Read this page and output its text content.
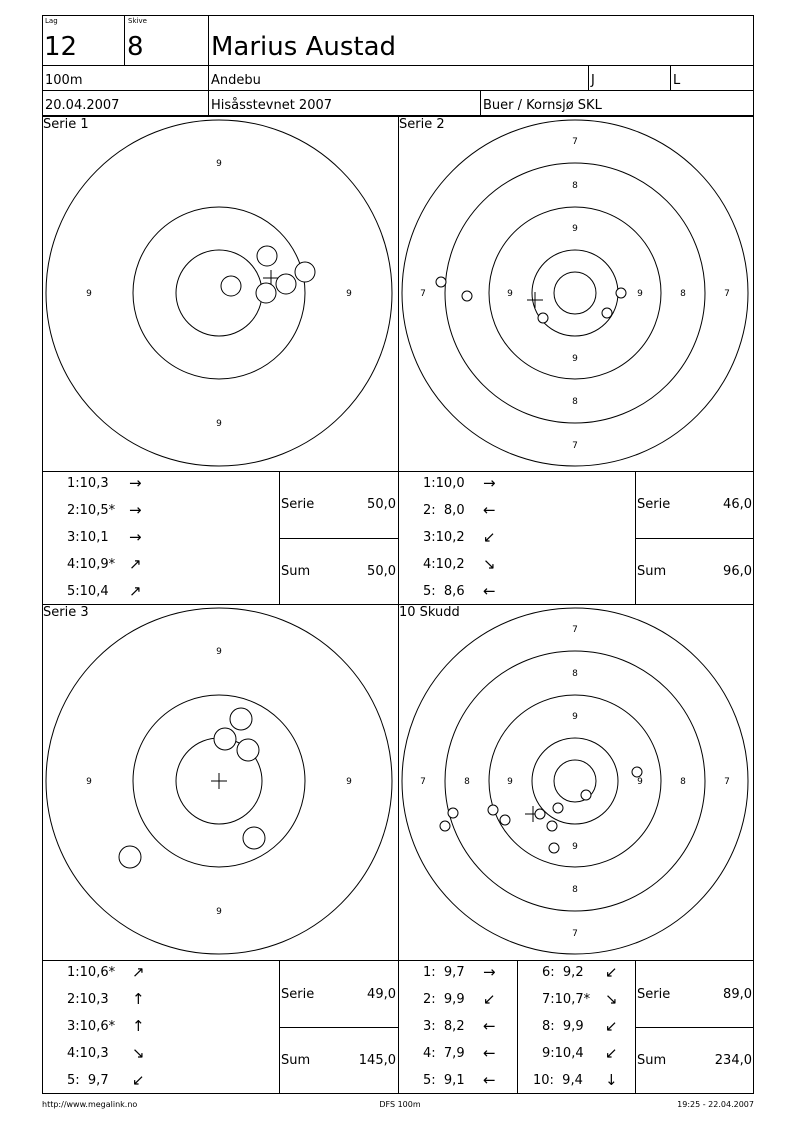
Lag
12
Skive
8	Marius Austad
100m	Andebu	J	L
20.04.2007	Hisåsstevnet 2007	Buer / Kornsjø SKL
Serie 1	Serie 2
Serie 3	10 Skudd
9
9	9
9
7
8
9
7	9	9	8	7
9
8
7
9
9	9
9
7
8
9
7	8	9	9	8	7
9
8
7
1:10,3 →
2:10,5* →
3:10,1 →
4:10,9* ↗
5:10,4 ↗
Serie	50,0
Sum	50,0
1:10,0 →
2:  8,0 ←
3:10,2 ↙
4:10,2 ↘
5:  8,6 ←
Serie	46,0
Sum	96,0
1:10,6* ↗
2:10,3 ↑
3:10,6* ↑
4:10,3 ↘
5:  9,7 ↙
Serie	49,0
Sum	145,0
1:  9,7 →
2:  9,9 ↙
3:  8,2 ←
4:  7,9 ←
5:  9,1 ←
6:  9,2 ↙
7:10,7* ↘
8:  9,9 ↙
9:10,4 ↙
10:  9,4 ↓
Serie	89,0
Sum	234,0
http://www.megalink.no	DFS 100m	19:25 - 22.04.2007
